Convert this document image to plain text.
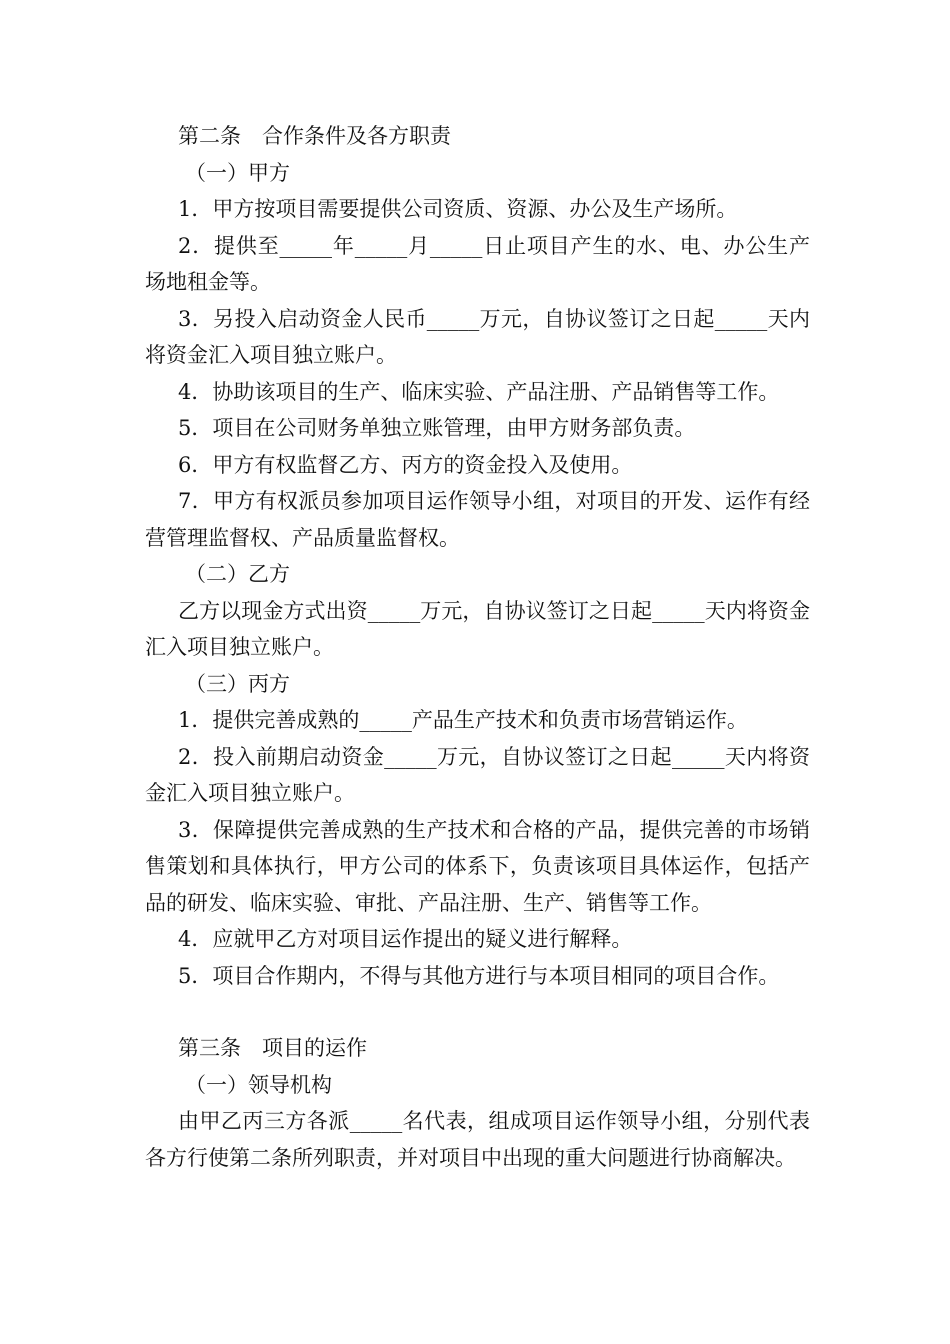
第二条　合作条件及各方职责

（一）甲方

1．甲方按项目需要提供公司资质、资源、办公及生产场所。

2．提供至_____年_____月_____日止项目产生的水、电、办公生产场地租金等。

3．另投入启动资金人民币_____万元，自协议签订之日起_____天内将资金汇入项目独立账户。

4．协助该项目的生产、临床实验、产品注册、产品销售等工作。

5．项目在公司财务单独立账管理，由甲方财务部负责。

6．甲方有权监督乙方、丙方的资金投入及使用。

7．甲方有权派员参加项目运作领导小组，对项目的开发、运作有经营管理监督权、产品质量监督权。

（二）乙方

乙方以现金方式出资_____万元，自协议签订之日起_____天内将资金汇入项目独立账户。

（三）丙方

1．提供完善成熟的_____产品生产技术和负责市场营销运作。

2．投入前期启动资金_____万元，自协议签订之日起_____天内将资金汇入项目独立账户。

3．保障提供完善成熟的生产技术和合格的产品，提供完善的市场销售策划和具体执行，甲方公司的体系下，负责该项目具体运作，包括产品的研发、临床实验、审批、产品注册、生产、销售等工作。

4．应就甲乙方对项目运作提出的疑义进行解释。

5．项目合作期内，不得与其他方进行与本项目相同的项目合作。

第三条　项目的运作

（一）领导机构

由甲乙丙三方各派_____名代表，组成项目运作领导小组，分别代表各方行使第二条所列职责，并对项目中出现的重大问题进行协商解决。
